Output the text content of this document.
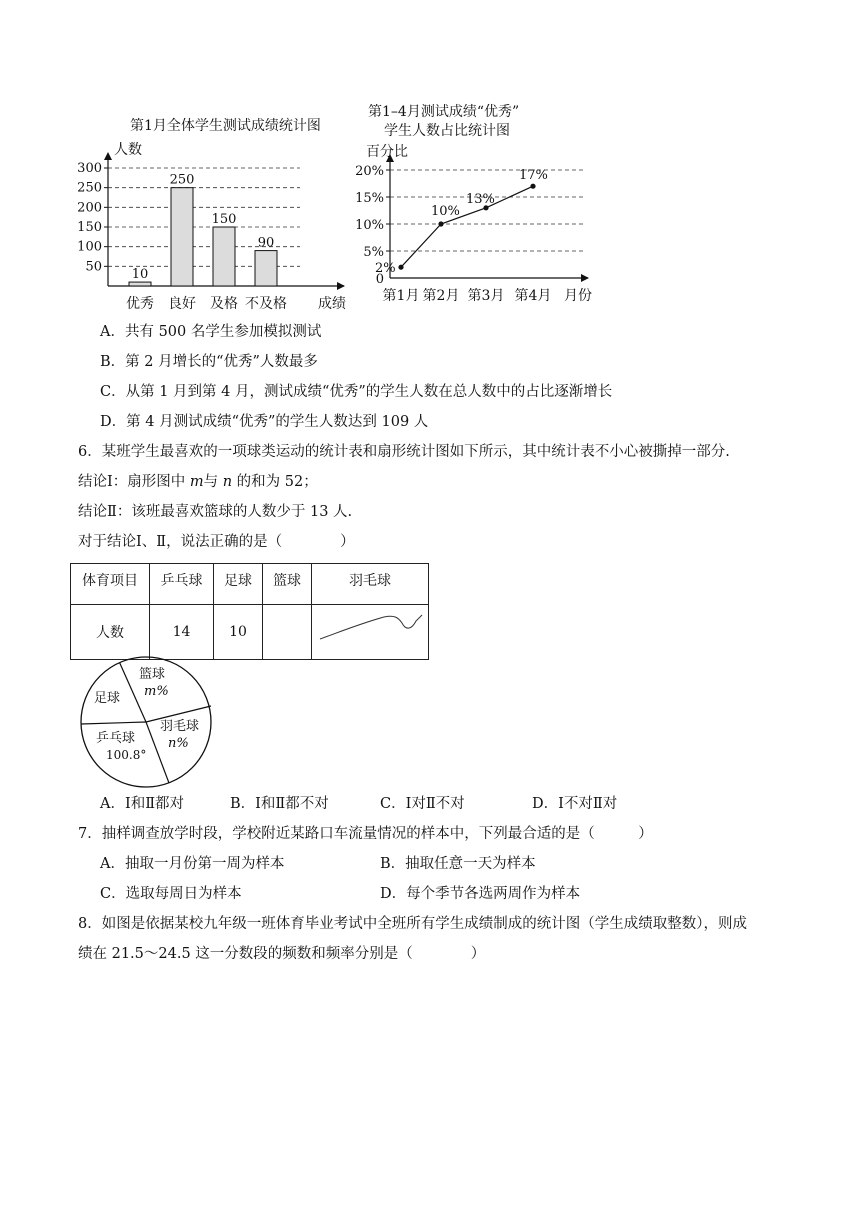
第1月全体学生测试成绩统计图
人数
成绩
50
100
150
200
250
300
10
优秀
250
良好
150
及格
90
不及格
第1–4月测试成绩“优秀”
学生人数占比统计图
百分比
月份
0
5%
10%
15%
20%
2%
第1月
10%
第2月
13%
第3月
17%
第4月
A．共有 500 名学生参加模拟测试
B．第 2 月增长的“优秀”人数最多
C．从第 1 月到第 4 月，测试成绩“优秀”的学生人数在总人数中的占比逐渐增长
D．第 4 月测试成绩“优秀”的学生人数达到 109 人
6．某班学生最喜欢的一项球类运动的统计表和扇形统计图如下所示，其中统计表不小心被撕掉一部分.
结论Ⅰ：扇形图中 m与 n 的和为 52；
结论Ⅱ：该班最喜欢篮球的人数少于 13 人.
对于结论Ⅰ、Ⅱ，说法正确的是（　　　　）
体育项目	乒乓球	足球	篮球	羽毛球
人数	14	10		
篮球
m%
足球
羽毛球
n%
乒乓球
100.8°
A．Ⅰ和Ⅱ都对	B．Ⅰ和Ⅱ都不对	C．Ⅰ对Ⅱ不对	D．Ⅰ不对Ⅱ对
7．抽样调查放学时段，学校附近某路口车流量情况的样本中，下列最合适的是（　　　）
A．抽取一月份第一周为样本	B．抽取任意一天为样本
C．选取每周日为样本	D．每个季节各选两周作为样本
8．如图是依据某校九年级一班体育毕业考试中全班所有学生成绩制成的统计图（学生成绩取整数），则成
绩在 21.5～24.5 这一分数段的频数和频率分别是（　　　　）
